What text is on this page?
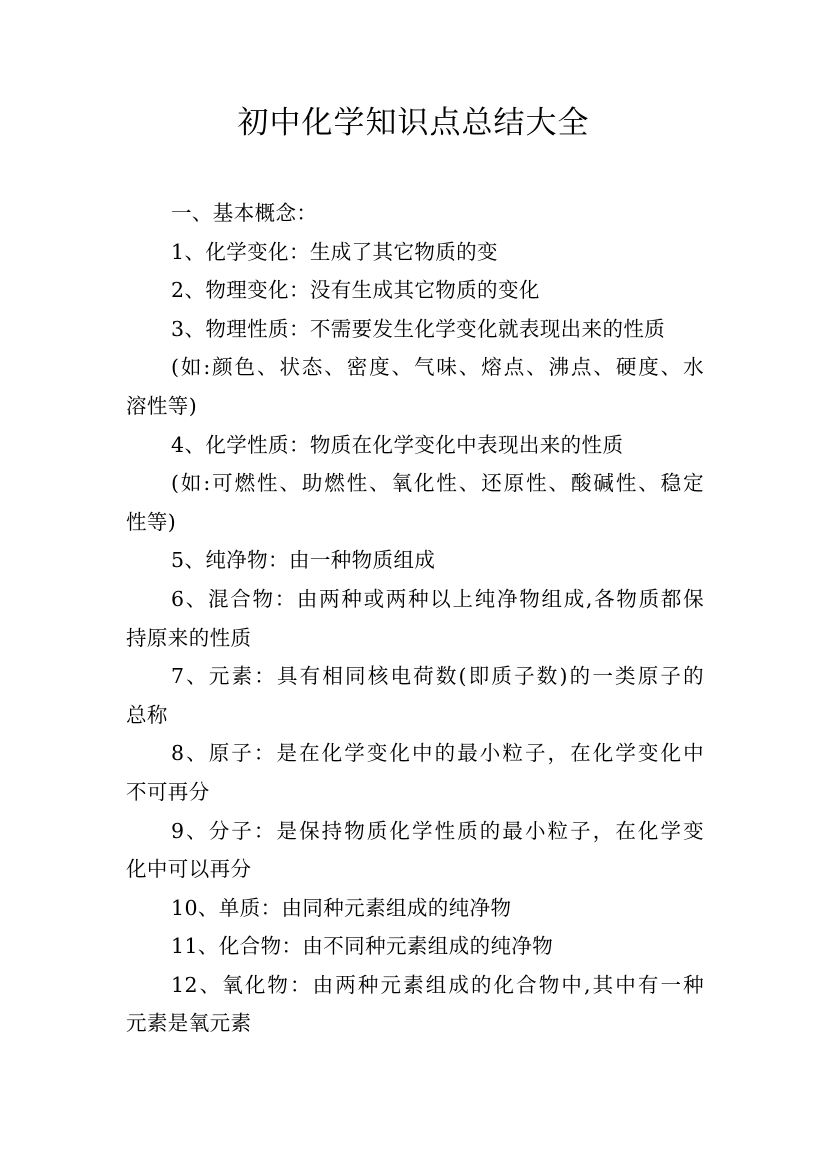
初中化学知识点总结大全
一、基本概念：
1、化学变化：生成了其它物质的变
2、物理变化：没有生成其它物质的变化
3、物理性质：不需要发生化学变化就表现出来的性质
(如:颜色、状态、密度、气味、熔点、沸点、硬度、水
溶性等)
4、化学性质：物质在化学变化中表现出来的性质
(如:可燃性、助燃性、氧化性、还原性、酸碱性、稳定
性等)
5、纯净物：由一种物质组成
6、混合物：由两种或两种以上纯净物组成,各物质都保
持原来的性质
7、元素：具有相同核电荷数(即质子数)的一类原子的
总称
8、原子：是在化学变化中的最小粒子，在化学变化中
不可再分
9、分子：是保持物质化学性质的最小粒子，在化学变
化中可以再分
10、单质：由同种元素组成的纯净物
11、化合物：由不同种元素组成的纯净物
12、氧化物：由两种元素组成的化合物中,其中有一种
元素是氧元素
